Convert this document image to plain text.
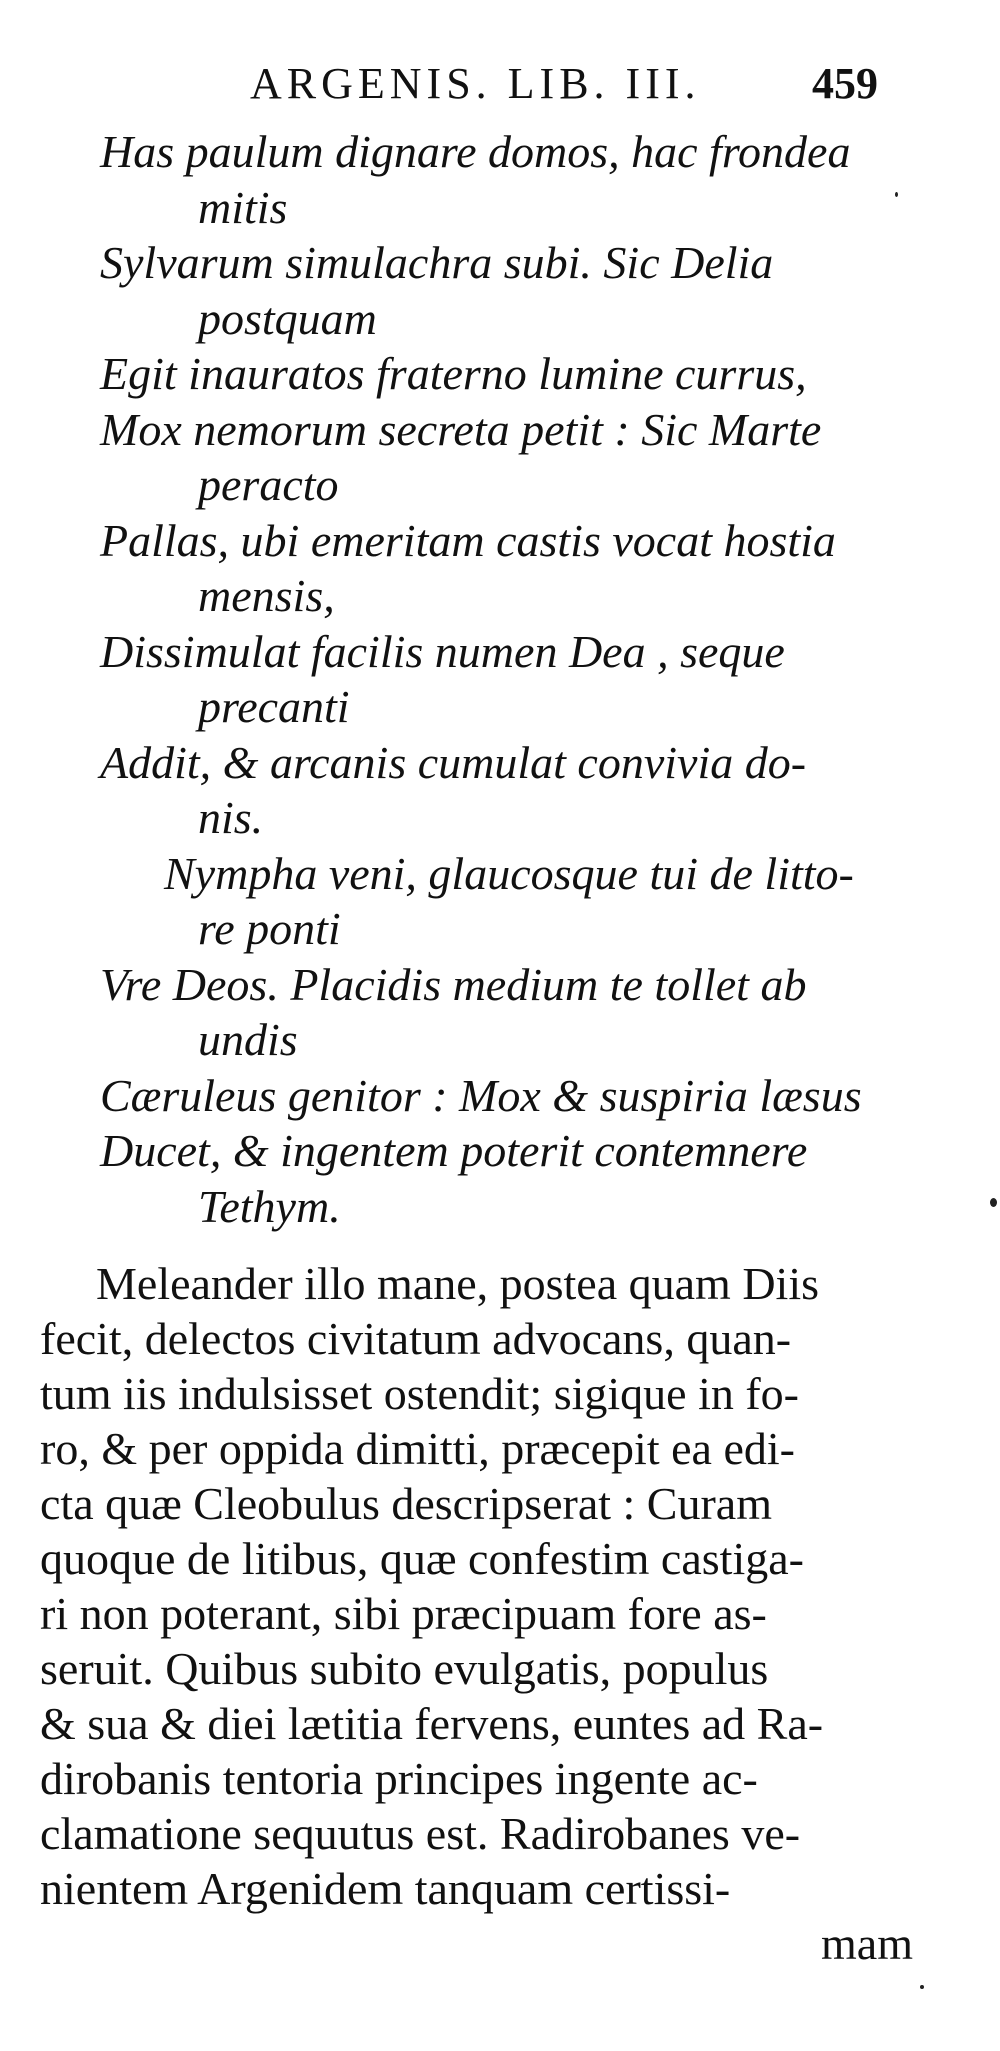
ARGENIS. LIB. III.	459
Has paulum dignare domos, hac frondea
mitis
Sylvarum simulachra subi. Sic Delia
postquam
Egit inauratos fraterno lumine currus,
Mox nemorum secreta petit : Sic Marte
peracto
Pallas, ubi emeritam castis vocat hostia
mensis,
Dissimulat facilis numen Dea , seque
precanti
Addit, & arcanis cumulat convivia do-
nis.
Nympha veni, glaucosque tui de litto-
re ponti
Vre Deos. Placidis medium te tollet ab
undis
Cæruleus genitor : Mox & suspiria læsus
Ducet, & ingentem poterit contemnere
Tethym.
Meleander illo mane, postea quam Diis
fecit, delectos civitatum advocans, quan-
tum iis indulsisset ostendit; sigique in fo-
ro, & per oppida dimitti, præcepit ea edi-
cta quæ Cleobulus descripserat : Curam
quoque de litibus, quæ confestim castiga-
ri non poterant, sibi præcipuam fore as-
seruit. Quibus subito evulgatis, populus
& sua & diei lætitia fervens, euntes ad Ra-
dirobanis tentoria principes ingente ac-
clamatione sequutus est. Radirobanes ve-
nientem Argenidem tanquam certissi-
mam
